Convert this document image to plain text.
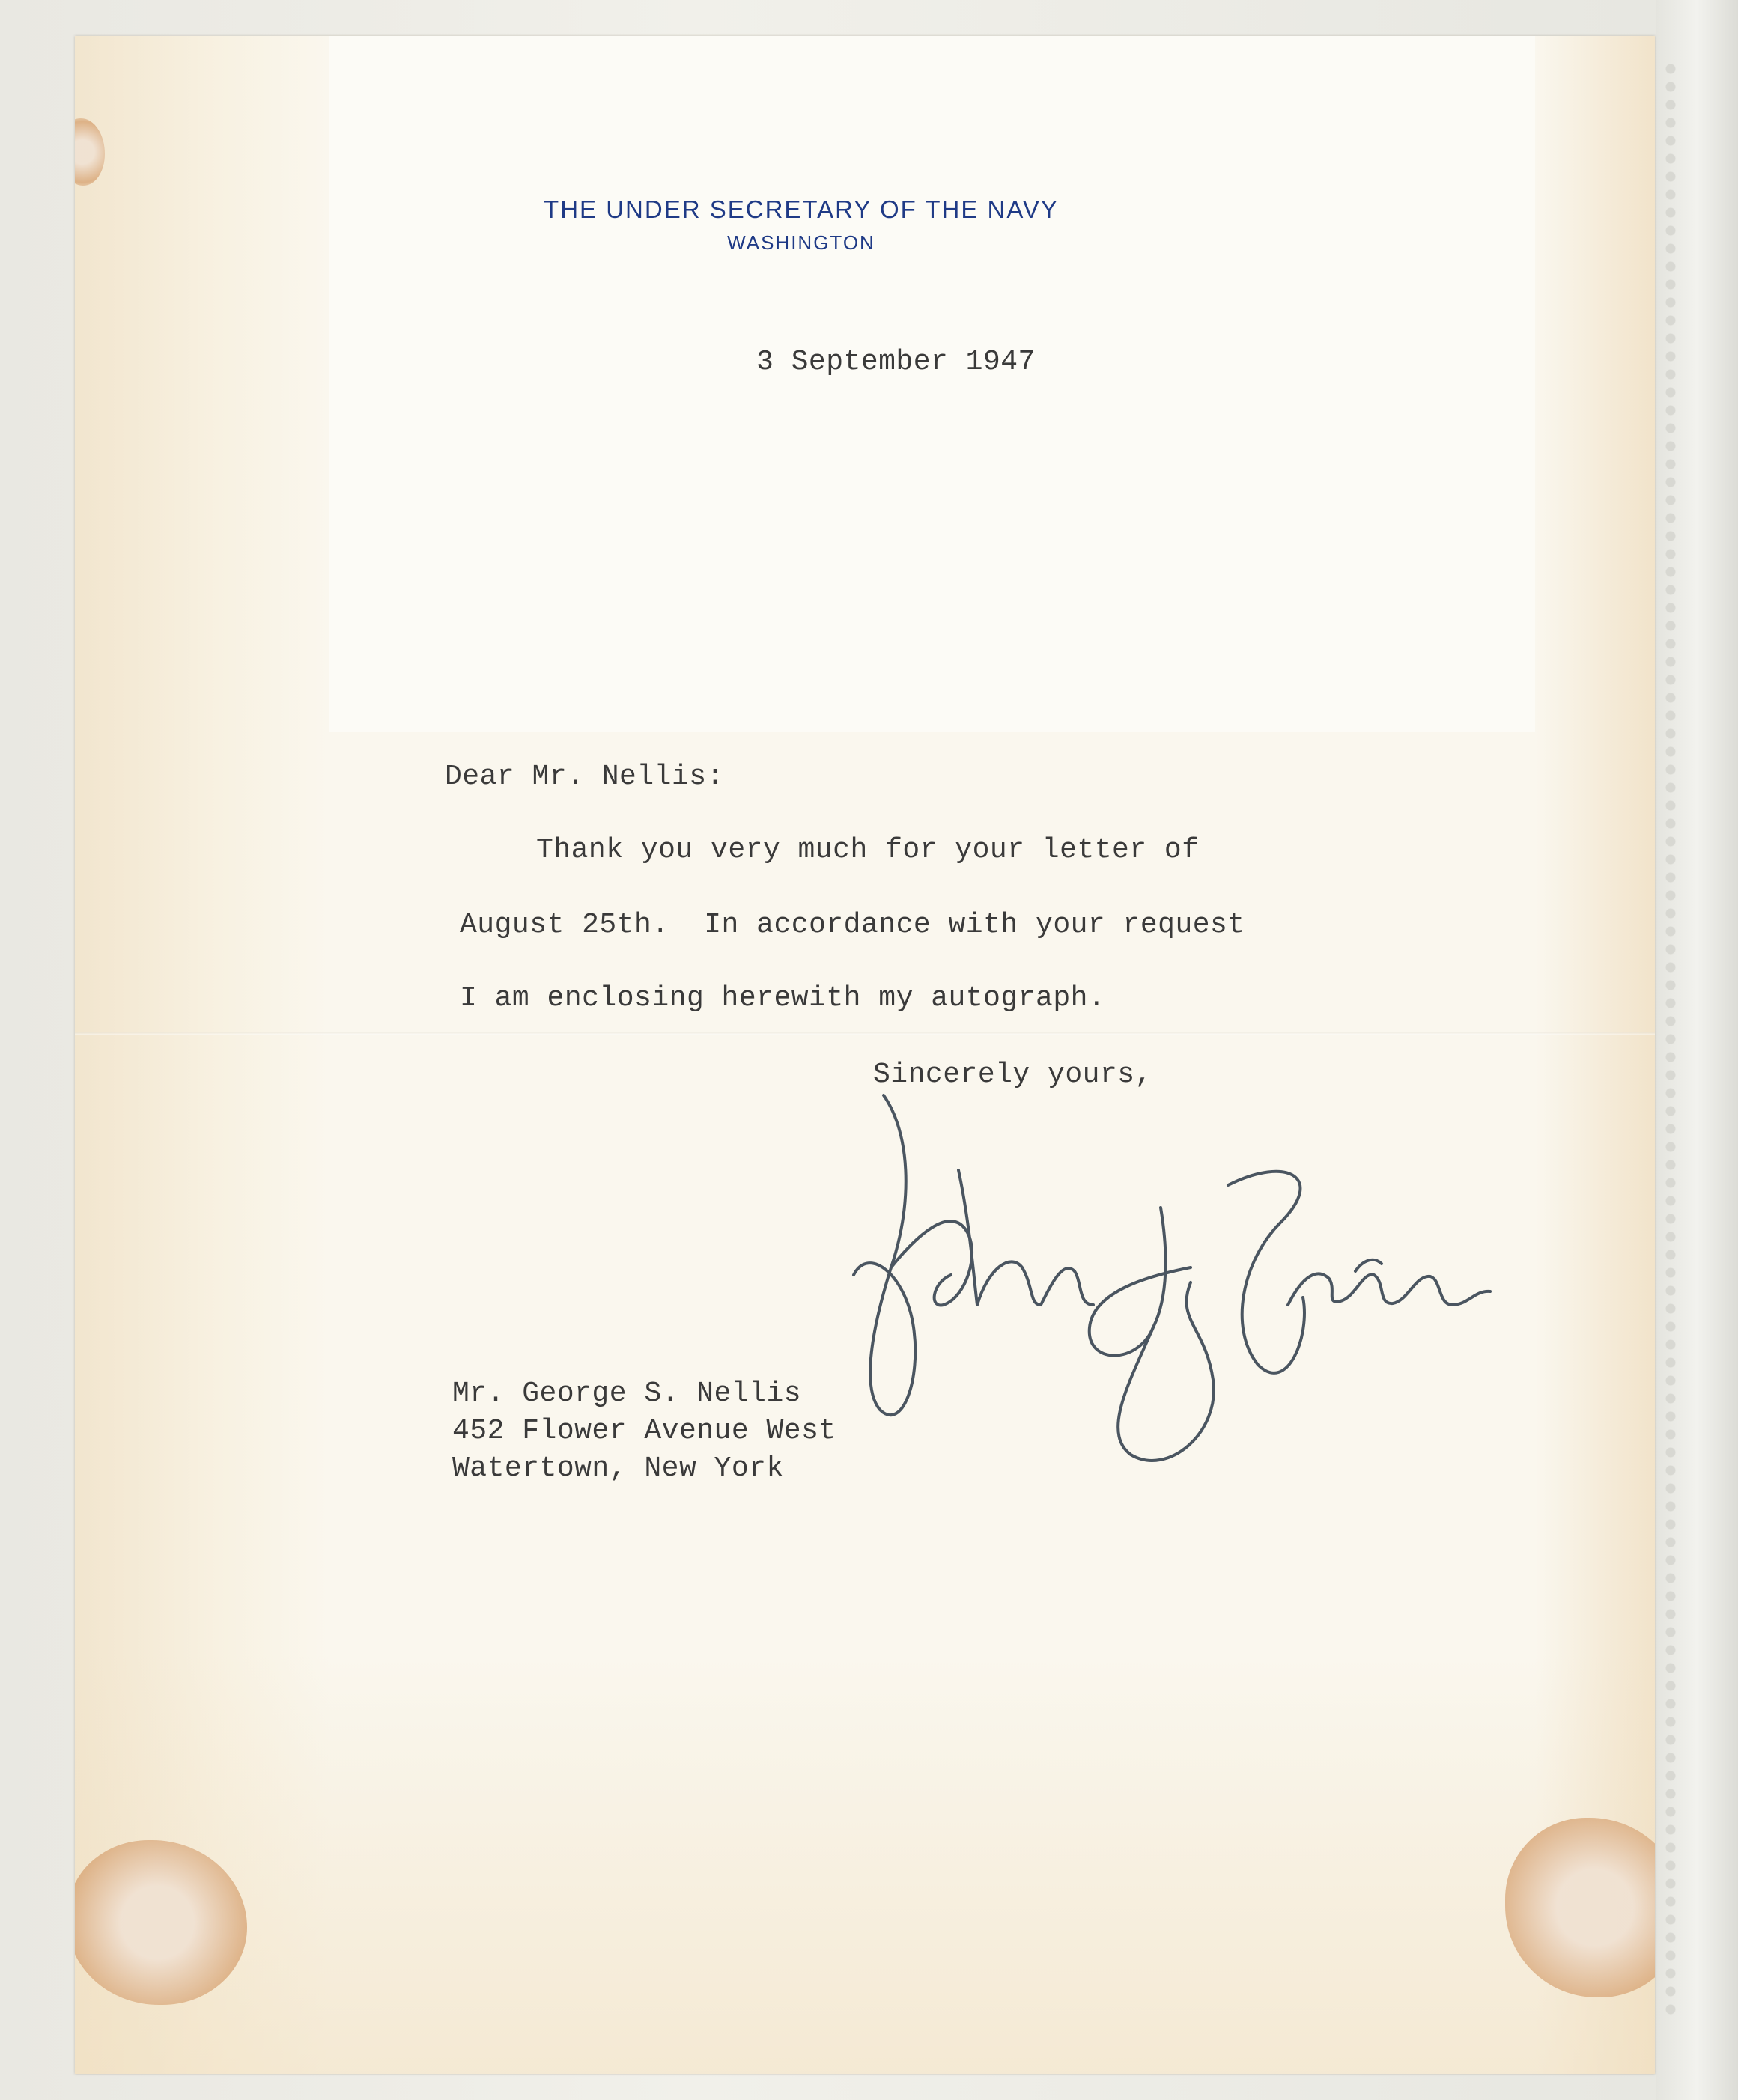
THE UNDER SECRETARY OF THE NAVY
WASHINGTON
3 September 1947
Dear Mr. Nellis:
Thank you very much for your letter of
August 25th.  In accordance with your request
I am enclosing herewith my autograph.
Sincerely yours,
Mr. George S. Nellis
452 Flower Avenue West
Watertown, New York
